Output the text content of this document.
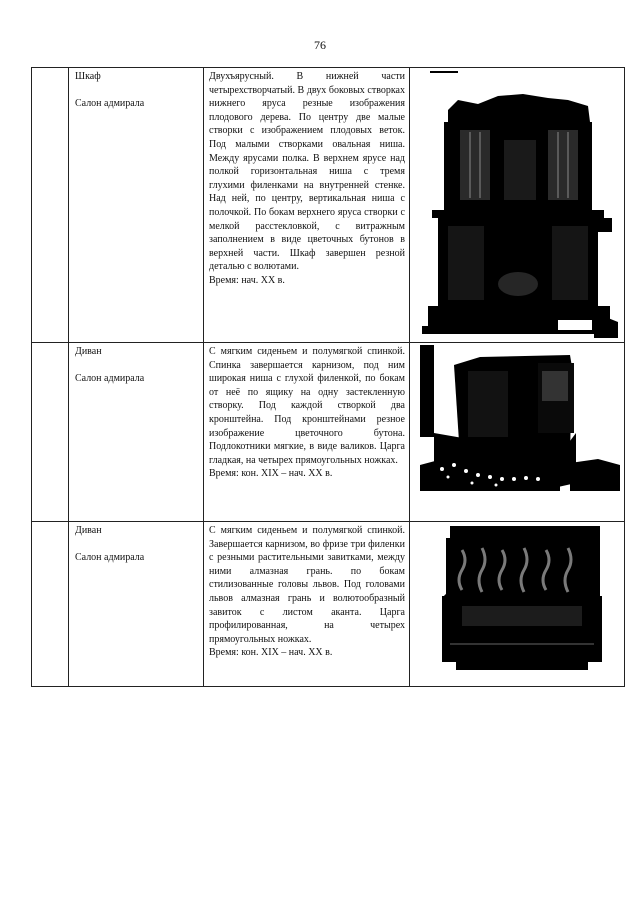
76

	Шкаф
Салон адмирала	Двухъярусный. В нижней части четырехстворчатый. В двух боковых створках нижнего яруса резные изображения плодового дерева. По центру две малые створки с изображением плодовых веток. Под малыми створками овальная ниша. Между ярусами полка. В верхнем ярусе над полкой горизонтальная ниша с тремя глухими филенками на внутренней стенке. Над ней, по центру, вертикальная ниша с полочкой. По бокам верхнего яруса створки с мелкой расстекловкой, с витражным заполнением в виде цветочных бутонов в верхней части. Шкаф завершен резной деталью с волютами.
Время: нач. XX в.

	Диван
Салон адмирала	С мягким сиденьем и полумягкой спинкой. Спинка завершается карнизом, под ним широкая ниша с глухой филенкой, по бокам от неё по ящику на одну застекленную створку. Под каждой створкой два кронштейна. Под кронштейнами резное изображение цветочного бутона. Подлокотники мягкие, в виде валиков. Царга гладкая, на четырех прямоугольных ножках.
Время: кон. XIX – нач. XX в.

	Диван
Салон адмирала	С мягким сиденьем и полумягкой спинкой. Завершается карнизом, во фризе три филенки с резными растительными завитками, между ними алмазная грань. по бокам стилизованные головы львов. Под головами львов алмазная грань и волютообразный завиток с листом аканта. Царга профилированная, на четырех прямоугольных ножках.
Время: кон. XIX – нач. XX в.
